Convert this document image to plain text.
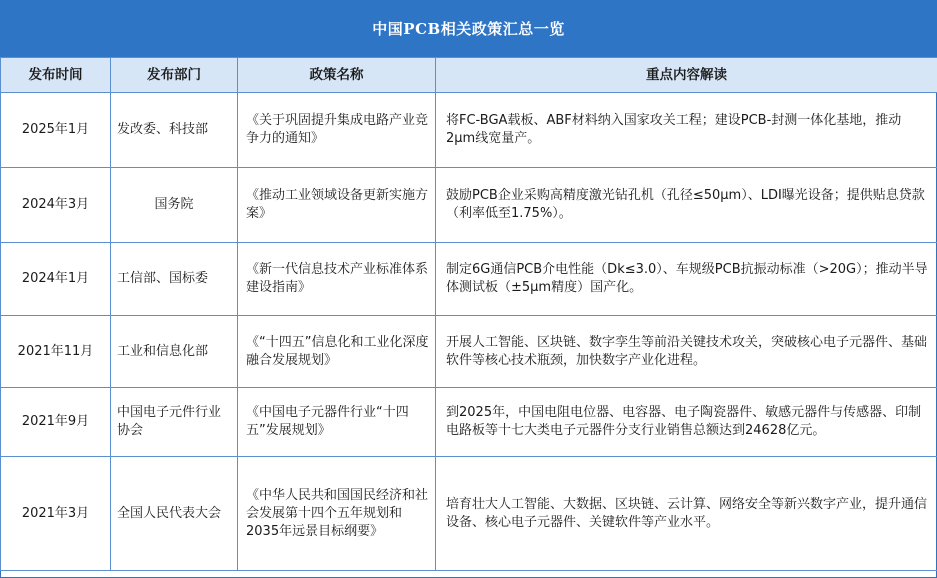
中国PCB相关政策汇总一览
发布时间	发布部门	政策名称	重点内容解读
2025年1月	发改委、科技部	《关于巩固提升集成电路产业竞争力的通知》	将FC-BGA载板、ABF材料纳入国家攻关工程；建设PCB-封测一体化基地，推动2μm线宽量产。
2024年3月	国务院	《推动工业领域设备更新实施方案》	鼓励PCB企业采购高精度激光钻孔机（孔径≤50μm）、LDI曝光设备；提供贴息贷款（利率低至1.75%）。
2024年1月	工信部、国标委	《新一代信息技术产业标准体系建设指南》	制定6G通信PCB介电性能（Dk≤3.0）、车规级PCB抗振动标准（>20G）；推动半导体测试板（±5μm精度）国产化。
2021年11月	工业和信息化部	《“十四五”信息化和工业化深度融合发展规划》	开展人工智能、区块链、数字孪生等前沿关键技术攻关，突破核心电子元器件、基础软件等核心技术瓶颈，加快数字产业化进程。
2021年9月	中国电子元件行业协会	《中国电子元器件行业“十四五”发展规划》	到2025年，中国电阻电位器、电容器、电子陶瓷器件、敏感元器件与传感器、印制电路板等十七大类电子元器件分支行业销售总额达到24628亿元。
2021年3月	全国人民代表大会	《中华人民共和国国民经济和社会发展第十四个五年规划和2035年远景目标纲要》	培育壮大人工智能、大数据、区块链、云计算、网络安全等新兴数字产业，提升通信设备、核心电子元器件、关键软件等产业水平。
